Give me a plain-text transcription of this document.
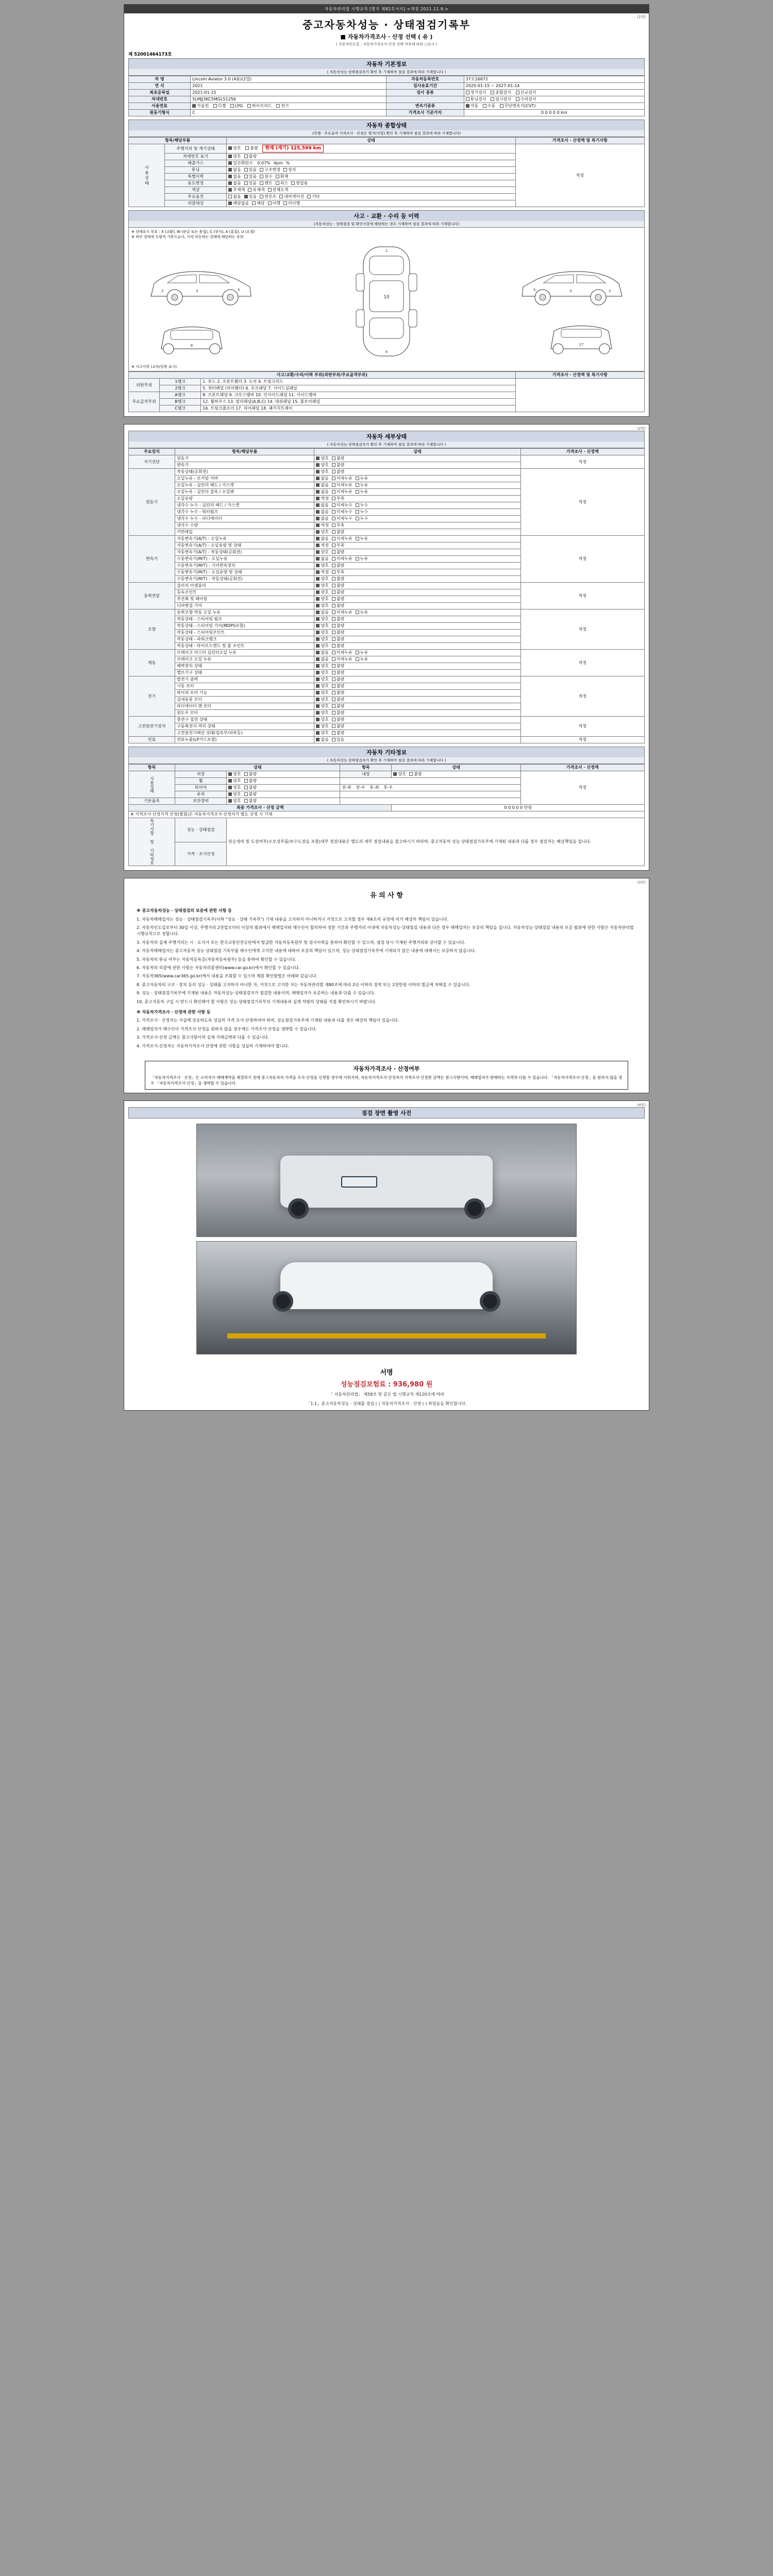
자동차관리법 시행규칙 [별지 제82호서식] <개정 2021.11.9.>
(1면)
중고자동차성능 · 상태점검기록부
■ 자동차가격조사 · 산정 선택 ( 유 )
( 자동차인도일 : 자동차가격조사·산정 선택 여부에 따라 ○표시 )
제 52001464173호
자동차 기본정보
( 자동차성능·상태점검자가 확인 후 기재하며 점검 결과에 따라 기재합니다 )
차 명	Lincoln Aviator 3.0 (4륜)(2열)	자동차등록번호	37오16672
연 식	2021	검사유효기간	2025-01-15 ~ 2027-01-14
최초등록일	2021-01-15	검사 종류	정기검사 종합검사 신규검사
차대번호	5LMJJ3KC5MGL51256		튜닝검사 임시검사 수리검사
사용연료	가솔린 디젤 LPG 하이브리드 전기	변속기종류	자동 수동 무단변속기(CVT)
원동기형식	C	가격조사 기준가치	0 0 0 0 0 km
자동차 종합상태
(주행 · 주요골격 가격조사 · 산정은 별지(사항) 확인 후 기재하며 점검 결과에 따라 기재합니다)
항목/해당부품		상태	가격조사 · 산정액 및 특기사항
사용상태	주행거리 및 계기상태	양호 불량 현재 (계기) 125,599 km	적정
	차대번호 표기	양호 불량	
	배출가스	일산화탄소 0.07% 4pm %	
	튜닝	없음 있음 구조변경 장치	
	특별이력	없음 있음 침수 화재	
	용도변경	없음 있음 렌트 리스 영업용	
	색상	무채색 유채색 전체도색	
	주요옵션	없음 있음 썬루프 내비게이션 기타	
	리콜대상	해당없음 해당 이행 미이행	
사고 · 교환 · 수리 등 이력
(자동차성능 · 상태점검 및 확인사항에 해당하는 경우 기재하며 점검 결과에 따라 기재합니다)
※ 상태표시 부호 : X (교환), W (판금 또는 용접), C (부식), A (흠집), U (요철)
※ 하단 상태에 수평적 기준으로서, 가격 차등하는 상태에 해당하는 부위
1
10
4
2	3	5	2
3
5
8	17
※ 사고이력 (교차/중복 표시)
사고/교환/수리/이력 부위(외판부위/주요골격부위)			가격조사 · 산정액 및 특기사항
외판부위	1랭크	1. 후드 2. 프론트휀더 3. 도어 4. 트렁크리드	
	2랭크	5. 쿼터패널 (리어휀더) 6. 루프패널 7. 사이드실패널	
주요골격부위	A랭크	8. 프론트패널 9. 크로스멤버 10. 인사이드패널 11. 사이드멤버	
	B랭크	12. 휠하우스 13. 필러패널(A,B,C) 14. 대쉬패널 15. 플로어패널	
	C랭크	16. 트렁크플로어 17. 리어패널 18. 패키지트레이	
(2면)
자동차 세부상태
( 자동차성능·상태점검자가 확인 후 기재하며 점검 결과에 따라 기재합니다 )
주요장치	항목/해당부품	상태	가격조사 · 산정액
자기진단	원동기	양호 불량	적정
	변속기	양호 불량	
원동기	작동상태(공회전)	양호 불량	적정
	오일누유 - 로커암 커버	없음 미세누유 누유	
	오일누유 - 실린더 헤드 / 가스켓	없음 미세누유 누유	
	오일누유 - 실린더 블록 / 오일팬	없음 미세누유 누유	
	오일유량	적정 부족	
	냉각수 누수 - 실린더 헤드 / 가스켓	없음 미세누수 누수	
	냉각수 누수 - 워터펌프	없음 미세누수 누수	
	냉각수 누수 - 라디에이터	없음 미세누수 누수	
	냉각수 수량	적정 부족	
	커먼레일	양호 불량	
변속기	자동변속기(A/T) - 오일누유	없음 미세누유 누유	적정
	자동변속기(A/T) - 오일유량 및 상태	적정 부족	
	자동변속기(A/T) - 작동상태(공회전)	양호 불량	
	수동변속기(M/T) - 오일누유	없음 미세누유 누유	
	수동변속기(M/T) - 기어변속장치	양호 불량	
	수동변속기(M/T) - 오일유량 및 상태	적정 부족	
	수동변속기(M/T) - 작동상태(공회전)	양호 불량	
동력전달	클러치 어셈블리	양호 불량	적정
	등속조인트	양호 불량	
	추진축 및 베어링	양호 불량	
	디퍼렌셜 기어	양호 불량	
조향	동력조향 작동 오일 누유	없음 미세누유 누유	적정
	작동상태 - 스티어링 펌프	양호 불량	
	작동상태 - 스티어링 기어(MDPS포함)	양호 불량	
	작동상태 - 스티어링조인트	양호 불량	
	작동상태 - 파워크랭크	양호 불량	
	작동상태 - 타이로드엔드 및 볼 조인트	양호 불량	
제동	브레이크 마스터 실린더오일 누유	없음 미세누유 누유	적정
	브레이크 오일 누유	없음 미세누유 누유	
	배력장치 상태	양호 불량	
	밸브기구 상태	양호 불량	
전기	발전기 출력	양호 불량	적정
	시동 모터	양호 불량	
	와이퍼 모터 기능	양호 불량	
	실내송풍 모터	양호 불량	
	라디에이터 팬 모터	양호 불량	
	윈도우 모터	양호 불량	
고전원전기장치	충전구 절연 상태	양호 불량	적정
	구동축전지 격리 상태	양호 불량	
	고전원전기배선 상태(접속부/피복등)	양호 불량	
연료	연료누출(LP가스포함)	없음 있음	적정
자동차 기타정보
( 자동차성능·상태점검자가 확인 후 기재하며 점검 결과에 따라 기재합니다 )
항목	상태		항목	상태	가격조사 · 산정액
사용상태	외장	양호 불량	내장	양호 불량	적정
	휠	양호 불량			
	타이어	양호 불량	전-좌 전-우 후-좌 후-우		
	유리	양호 불량			
기본품목	보안장비	양호 불량			
최종 가격조사 · 산정 금액				0 0 0 0 0 만원	
※ 가격조사·산정가격 산정(별첨)은 자동차가격조사·산정자가 별도 산정 시 기재					
특기사항 및 기타정보	성능 · 상태점검	단순정비 및 도장여부(소모성부품/보수도장을 포함)세부 점검내용은 별도의 세부 점검내용을 참고하시기 바라며, 중고자동차 성능·상태점검기록부에 기재된 내용과 다를 경우 점검자는 배상책임을 집니다.			
	가격 · 조사산정				
(3면)
유 의 사 항

※ 중고자동차성능 · 상태점검의 보증에 관한 사항 등

1. 자동차매매업자는 성능 · 상태점검기록부(이하 "성능 · 상태 기록부") 기재 내용을 고지하지 아니하거나 거짓으로 고지할 경우 제4조의 규정에 의거 배상의 책임이 있습니다.

2. 자동차인도일로부터 30일 이상, 주행거리 2천킬로미터 이상의 범위에서 매매업자와 매수인이 합의하여 정한 기간과 주행거리 이내에 자동차성능·상태점검 내용과 다른 경우 매매업자는 보증의 책임을 집니다. 자동차성능·상태점검 내용의 보증 범위에 관한 사항은 자동차관리법 시행규칙으로 정합니다.

3. 자동차의 실제 주행거리는 시 · 도지사 또는 한국교통안전공단에서 발급한 자동차등록원부 및 검사이력을 통하여 확인할 수 있으며, 점검 당시 기재된 주행거리와 상이할 수 있습니다.

4. 자동차매매업자는 중고자동차 성능·상태점검 기록부를 매수인에게 고지한 내용에 대하여 보증의 책임이 있으며, 성능·상태점검기록부에 기재되지 않은 내용에 대해서는 보증하지 않습니다.

5. 자동차의 튜닝 여부는 자동차등록증(자동차등록원부) 등을 통하여 확인할 수 있습니다.

6. 자동차의 리콜에 관한 사항은 자동차리콜센터(www.car.go.kr)에서 확인할 수 있습니다.

7. 자동차365(www.car365.go.kr)에서 내용을 조회할 수 있으며 제원 확인방법은 아래와 같습니다.

8. 중고자동차의 구조 · 장치 등의 성능 · 상태를 고지하지 아니한 자, 거짓으로 고지한 자는 자동차관리법 제80조에 따라 2년 이하의 징역 또는 2천만원 이하의 벌금에 처해질 수 있습니다.

9. 성능 · 상태점검기록부에 기재된 내용은 자동차성능·상태점검자가 점검한 내용이며, 매매업자가 보증하는 내용과 다를 수 있습니다.

10. 중고자동차 구입 시 반드시 확인해야 할 사항은 성능·상태점검기록부의 기재내용과 실제 차량의 상태를 직접 확인하시기 바랍니다.

※ 자동차가격조사 · 산정에 관한 사항 등

1. 가격조사 · 산정자는 사실에 상응하도록 성실히 가격 조사·산정하여야 하며, 성능점검기록부에 기재된 내용과 다를 경우 배상의 책임이 있습니다.

2. 매매업자가 매수인이 가격조사·산정을 원하지 않을 경우에는 가격조사·산정을 생략할 수 있습니다.

3. 가격조사·산정 금액은 참고사항이며 실제 거래금액과 다를 수 있습니다.

4. 가격조사·산정자는 자동차가격조사·산정에 관한 사항을 성실히 기재하여야 합니다.

자동차가격조사 · 산정여부
「자동차가격조사 · 산정」은 소비자가 매매계약을 체결하기 전에 중고자동차의 가격을 조사·산정을 신청할 경우에 이뤄지며, 자동차가격조사·산정자가 가격조사·산정한 금액은 참고사항이며, 매매업자가 판매하는 가격과 다를 수 있습니다. 「자동차가격조사·산정」을 원하지 않을 경우 「자동차가격조사·산정」을 생략할 수 있습니다.
(4면)
점검 장면 촬영 사진
서명
성능점검보험료 : 936,980 원
「 자동차관리법」 제58조 및 같은 법 시행규칙 제120조에 따라
「1.1」중고자동차성능 · 상태를 점검 ( ) 자동차가격조사 · 산정 ( ) 하였음을 확인합니다.
